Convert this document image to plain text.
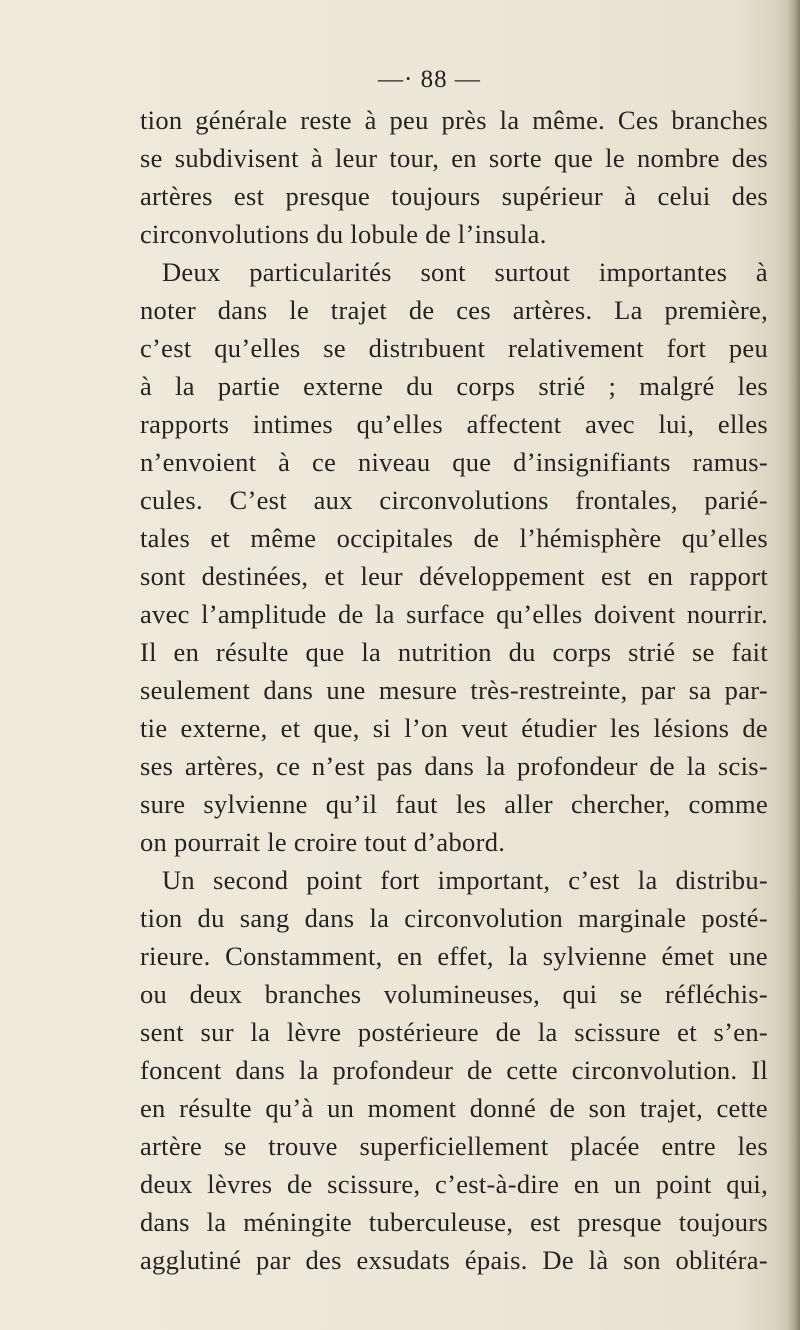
—· 88 —
tion générale reste à peu près la même. Ces branches
se subdivisent à leur tour, en sorte que le nombre des
artères est presque toujours supérieur à celui des
circonvolutions du lobule de l’insula.
Deux particularités sont surtout importantes à
noter dans le trajet de ces artères. La première,
c’est qu’elles se distrıbuent relativement fort peu
à la partie externe du corps strié ; malgré les
rapports intimes qu’elles affectent avec lui, elles
n’envoient à ce niveau que d’insignifiants ramus-
cules. C’est aux circonvolutions frontales, parié-
tales et même occipitales de l’hémisphère qu’elles
sont destinées, et leur développement est en rapport
avec l’amplitude de la surface qu’elles doivent nourrir.
Il en résulte que la nutrition du corps strié se fait
seulement dans une mesure très-restreinte, par sa par-
tie externe, et que, si l’on veut étudier les lésions de
ses artères, ce n’est pas dans la profondeur de la scis-
sure sylvienne qu’il faut les aller chercher, comme
on pourrait le croire tout d’abord.
Un second point fort important, c’est la distribu-
tion du sang dans la circonvolution marginale posté-
rieure. Constamment, en effet, la sylvienne émet une
ou deux branches volumineuses, qui se réfléchis-
sent sur la lèvre postérieure de la scissure et s’en-
foncent dans la profondeur de cette circonvolution. Il
en résulte qu’à un moment donné de son trajet, cette
artère se trouve superficiellement placée entre les
deux lèvres de scissure, c’est-à-dire en un point qui,
dans la méningite tuberculeuse, est presque toujours
agglutiné par des exsudats épais. De là son oblitéra-
